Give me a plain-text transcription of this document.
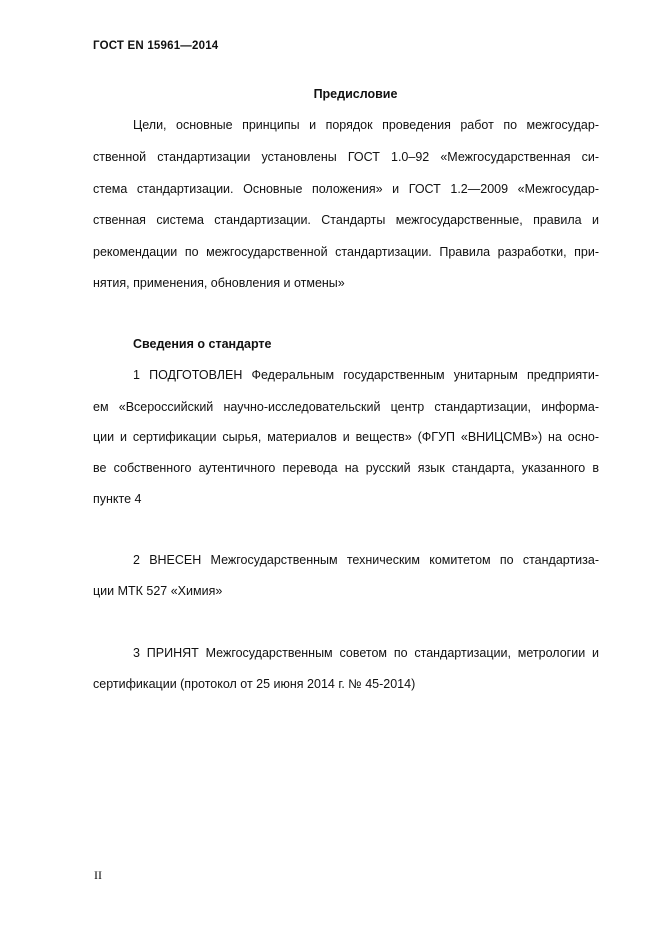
ГОСТ EN 15961—2014
Предисловие
Цели, основные принципы и порядок проведения работ по межгосудар-
ственной стандартизации установлены ГОСТ 1.0–92 «Межгосударственная си-
стема стандартизации. Основные положения» и ГОСТ 1.2—2009 «Межгосудар-
ственная система стандартизации. Стандарты межгосударственные, правила и
рекомендации по межгосударственной стандартизации. Правила разработки, при-
нятия, применения, обновления и отмены»
Сведения о стандарте
1 ПОДГОТОВЛЕН Федеральным государственным унитарным предприяти-
ем «Всероссийский научно-исследовательский центр стандартизации, информа-
ции и сертификации сырья, материалов и веществ» (ФГУП «ВНИЦСМВ») на осно-
ве собственного аутентичного перевода на русский язык стандарта, указанного в
пункте 4
2 ВНЕСЕН Межгосударственным техническим комитетом по стандартиза-
ции МТК 527 «Химия»
3 ПРИНЯТ Межгосударственным советом по стандартизации, метрологии и
сертификации (протокол от 25 июня 2014 г. № 45-2014)
II
